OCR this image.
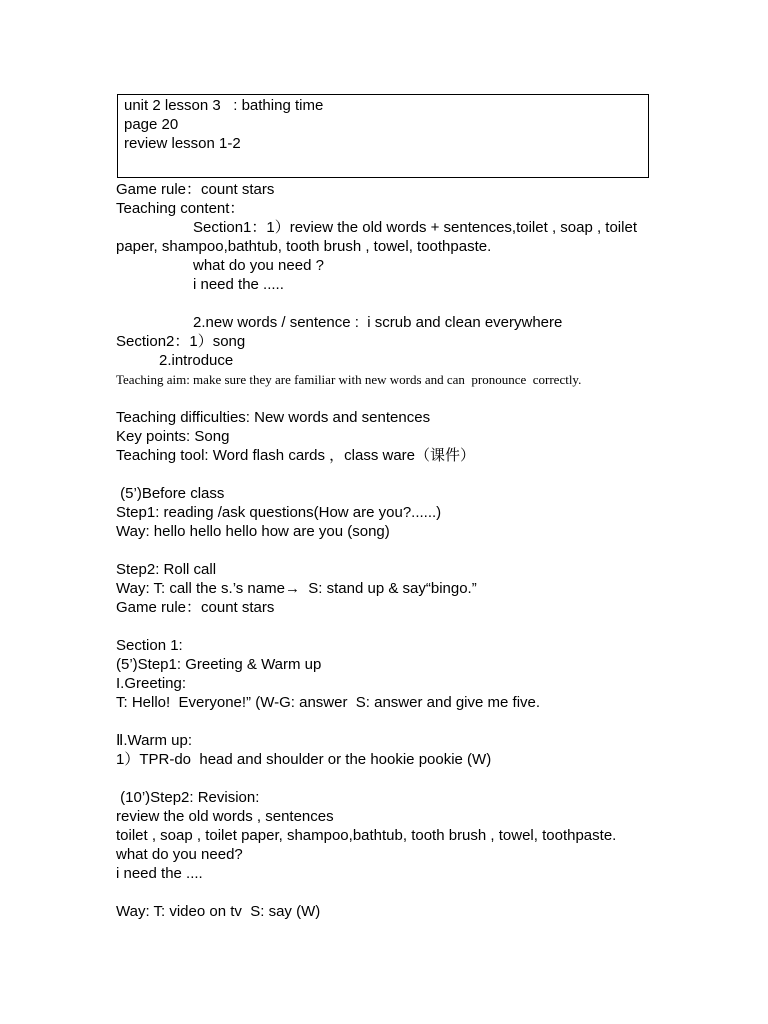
unit 2 lesson 3   : bathing time
page 20
review lesson 1-2
Game rule：count stars
Teaching content：
Section1：1）review the old words + sentences,toilet , soap , toilet
paper, shampoo,bathtub, tooth brush , towel, toothpaste.
what do you need ?
i need the .....
2.new words / sentence :  i scrub and clean everywhere
Section2：1）song
2.introduce
Teaching aim: make sure they are familiar with new words and can  pronounce  correctly.
Teaching difficulties: New words and sentences
Key points: Song
Teaching tool: Word flash cards ，class ware（课件）
(5’)Before class
Step1: reading /ask questions(How are you?......)
Way: hello hello hello how are you (song)
Step2: Roll call
Way: T: call the s.’s name→  S: stand up & say“bingo.”
Game rule：count stars
Section 1:
(5’)Step1: Greeting & Warm up
I.Greeting:
T: Hello!  Everyone!” (W-G: answer  S: answer and give me five.
Ⅱ.Warm up:
1）TPR-do  head and shoulder or the hookie pookie (W)
(10’)Step2: Revision:
review the old words , sentences
toilet , soap , toilet paper, shampoo,bathtub, tooth brush , towel, toothpaste.
what do you need?
i need the ....
Way: T: video on tv  S: say (W)
